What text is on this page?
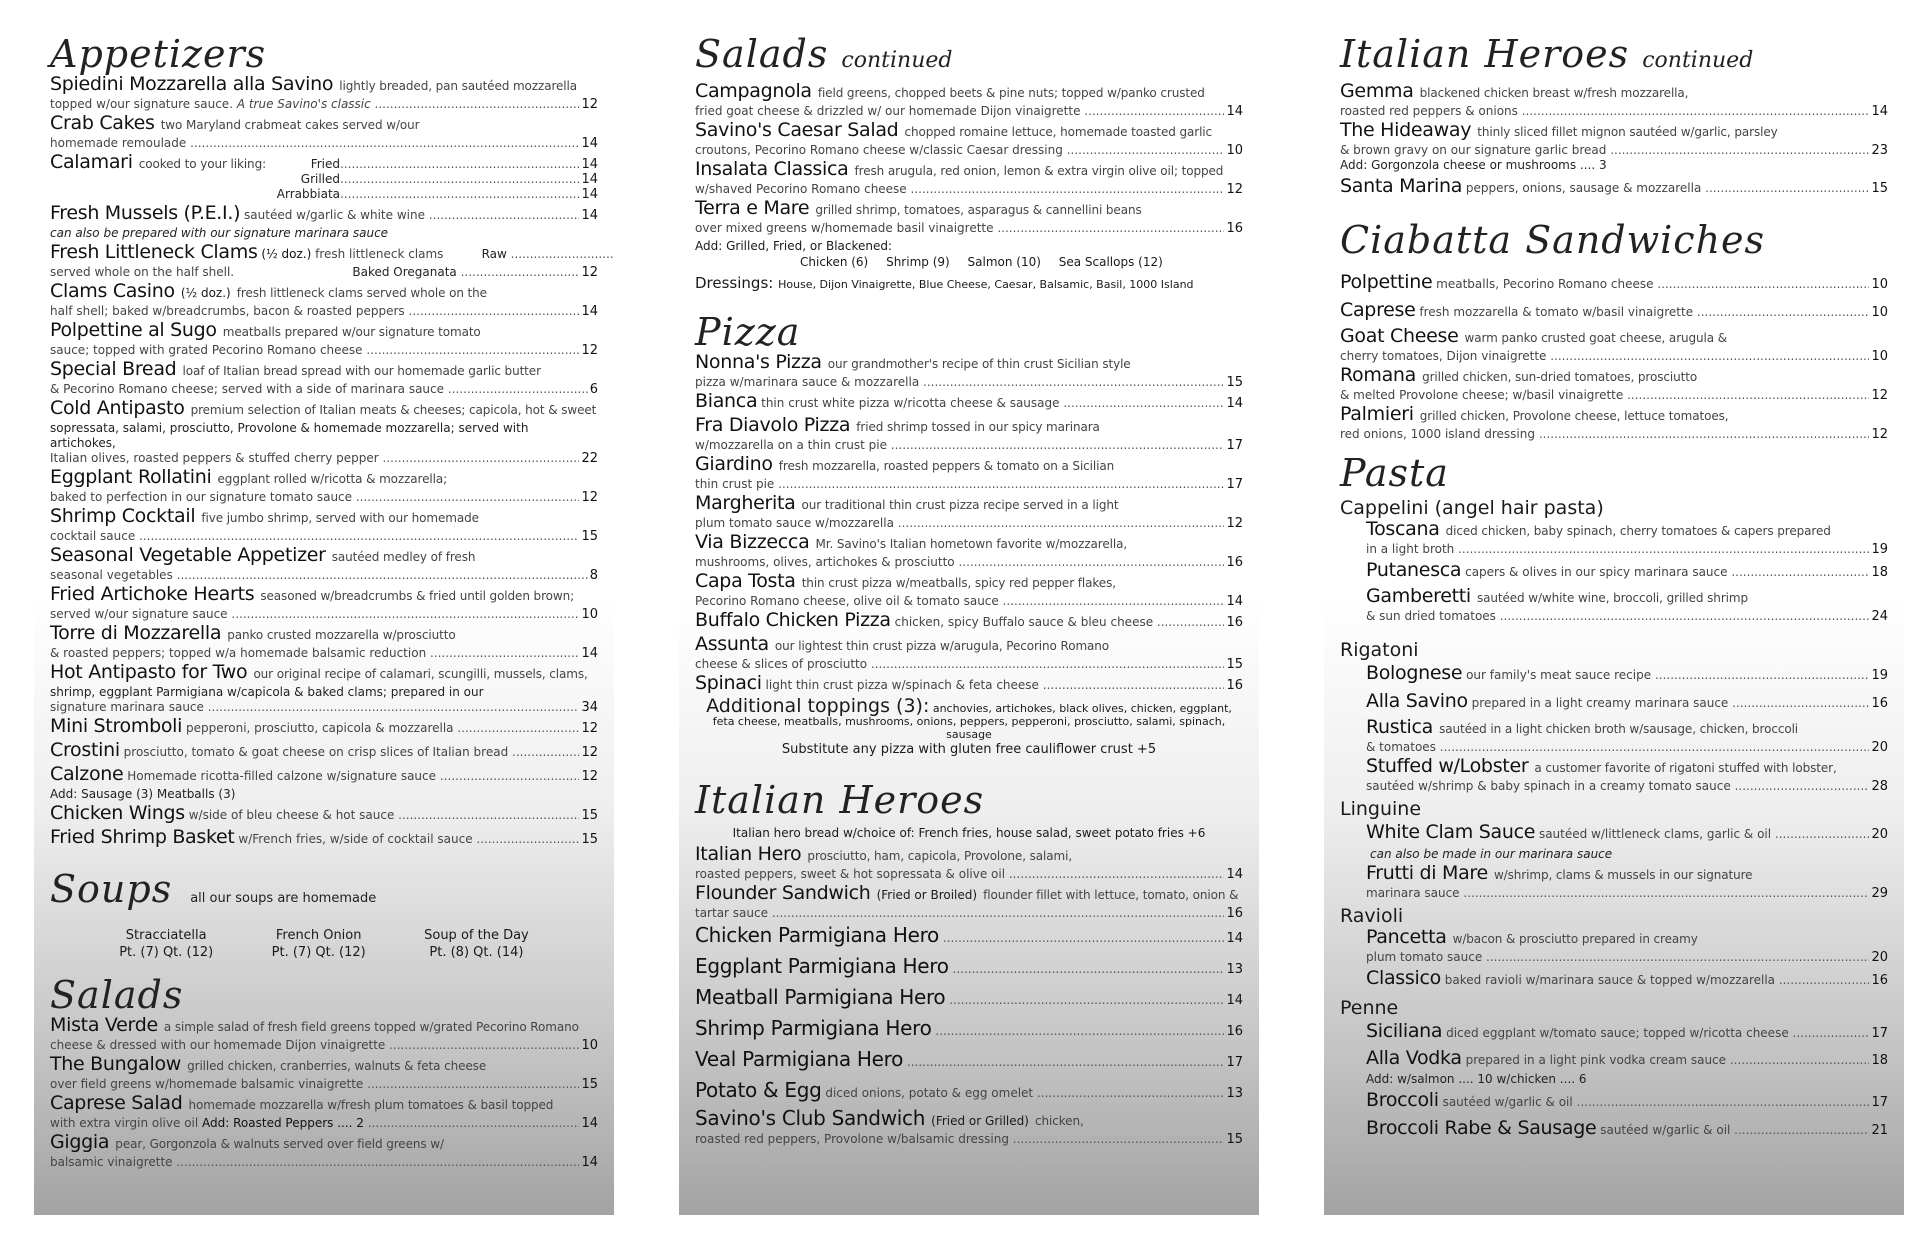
Appetizers
Spiedini Mozzarella alla Savino lightly breaded, pan sautéed mozzarella
topped w/our signature sauce. A true Savino's classic .....	12
Crab Cakes two Maryland crabmeat cakes served w/our
homemade remoulade .....	14
Calamari cooked to your liking:	Fried .....	14
Grilled .....	14
Arrabbiata .....	14
Fresh Mussels (P.E.I.) sautéed w/garlic & white wine .....	14
can also be prepared with our signature marinara sauce
Fresh Littleneck Clams (½ doz.) fresh littleneck clams	Raw .....
served whole on the half shell.	Baked Oreganata .....	12
Clams Casino (½ doz.) fresh littleneck clams served whole on the
half shell; baked w/breadcrumbs, bacon & roasted peppers .....	14
Polpettine al Sugo meatballs prepared w/our signature tomato
sauce; topped with grated Pecorino Romano cheese .....	12
Special Bread loaf of Italian bread spread with our homemade garlic butter
& Pecorino Romano cheese; served with a side of marinara sauce .....	6
Cold Antipasto premium selection of Italian meats & cheeses; capicola, hot & sweet
sopressata, salami, prosciutto, Provolone & homemade mozzarella; served with artichokes,
Italian olives, roasted peppers & stuffed cherry pepper .....	22
Eggplant Rollatini eggplant rolled w/ricotta & mozzarella;
baked to perfection in our signature tomato sauce .....	12
Shrimp Cocktail five jumbo shrimp, served with our homemade
cocktail sauce .....	15
Seasonal Vegetable Appetizer sautéed medley of fresh
seasonal vegetables .....	8
Fried Artichoke Hearts seasoned w/breadcrumbs & fried until golden brown;
served w/our signature sauce .....	10
Torre di Mozzarella panko crusted mozzarella w/prosciutto
& roasted peppers; topped w/a homemade balsamic reduction .....	14
Hot Antipasto for Two our original recipe of calamari, scungilli, mussels, clams,
shrimp, eggplant Parmigiana w/capicola & baked clams; prepared in our
signature marinara sauce .....	34
Mini Stromboli pepperoni, prosciutto, capicola & mozzarella .....	12
Crostini prosciutto, tomato & goat cheese on crisp slices of Italian bread .....	12
Calzone Homemade ricotta-filled calzone w/signature sauce .....	12
Add: Sausage (3) Meatballs (3)
Chicken Wings w/side of bleu cheese & hot sauce .....	15
Fried Shrimp Basket w/French fries, w/side of cocktail sauce .....	15
Soups all our soups are homemade
Stracciatella
Pt. (7) Qt. (12)
French Onion
Pt. (7) Qt. (12)
Soup of the Day
Pt. (8) Qt. (14)
Salads
Mista Verde a simple salad of fresh field greens topped w/grated Pecorino Romano
cheese & dressed with our homemade Dijon vinaigrette .....	10
The Bungalow grilled chicken, cranberries, walnuts & feta cheese
over field greens w/homemade balsamic vinaigrette .....	15
Caprese Salad homemade mozzarella w/fresh plum tomatoes & basil topped
with extra virgin olive oil Add: Roasted Peppers .... 2 .....	14
Giggia pear, Gorgonzola & walnuts served over field greens w/
balsamic vinaigrette .....	14
Salads continued
Campagnola field greens, chopped beets & pine nuts; topped w/panko crusted
fried goat cheese & drizzled w/ our homemade Dijon vinaigrette .....	14
Savino's Caesar Salad chopped romaine lettuce, homemade toasted garlic
croutons, Pecorino Romano cheese w/classic Caesar dressing .....	10
Insalata Classica fresh arugula, red onion, lemon & extra virgin olive oil; topped
w/shaved Pecorino Romano cheese .....	12
Terra e Mare grilled shrimp, tomatoes, asparagus & cannellini beans
over mixed greens w/homemade basil vinaigrette .....	16
Add: Grilled, Fried, or Blackened:
Chicken (6) Shrimp (9) Salmon (10) Sea Scallops (12)
Dressings: House, Dijon Vinaigrette, Blue Cheese, Caesar, Balsamic, Basil, 1000 Island
Pizza
Nonna's Pizza our grandmother's recipe of thin crust Sicilian style
pizza w/marinara sauce & mozzarella .....	15
Bianca thin crust white pizza w/ricotta cheese & sausage .....	14
Fra Diavolo Pizza fried shrimp tossed in our spicy marinara
w/mozzarella on a thin crust pie .....	17
Giardino fresh mozzarella, roasted peppers & tomato on a Sicilian
thin crust pie .....	17
Margherita our traditional thin crust pizza recipe served in a light
plum tomato sauce w/mozzarella .....	12
Via Bizzecca Mr. Savino's Italian hometown favorite w/mozzarella,
mushrooms, olives, artichokes & prosciutto .....	16
Capa Tosta thin crust pizza w/meatballs, spicy red pepper flakes,
Pecorino Romano cheese, olive oil & tomato sauce .....	14
Buffalo Chicken Pizza chicken, spicy Buffalo sauce & bleu cheese .....	16
Assunta our lightest thin crust pizza w/arugula, Pecorino Romano
cheese & slices of prosciutto .....	15
Spinaci light thin crust pizza w/spinach & feta cheese .....	16
Additional toppings (3): anchovies, artichokes, black olives, chicken, eggplant,
feta cheese, meatballs, mushrooms, onions, peppers, pepperoni, prosciutto, salami, spinach, sausage
Substitute any pizza with gluten free cauliflower crust +5
Italian Heroes
Italian hero bread w/choice of: French fries, house salad, sweet potato fries +6
Italian Hero prosciutto, ham, capicola, Provolone, salami,
roasted peppers, sweet & hot sopressata & olive oil .....	14
Flounder Sandwich (Fried or Broiled) flounder fillet with lettuce, tomato, onion &
tartar sauce .....	16
Chicken Parmigiana Hero .....	14
Eggplant Parmigiana Hero .....	13
Meatball Parmigiana Hero .....	14
Shrimp Parmigiana Hero .....	16
Veal Parmigiana Hero .....	17
Potato & Egg diced onions, potato & egg omelet .....	13
Savino's Club Sandwich (Fried or Grilled) chicken,
roasted red peppers, Provolone w/balsamic dressing .....	15
Italian Heroes continued
Gemma blackened chicken breast w/fresh mozzarella,
roasted red peppers & onions .....	14
The Hideaway thinly sliced fillet mignon sautéed w/garlic, parsley
& brown gravy on our signature garlic bread .....	23
Add: Gorgonzola cheese or mushrooms .... 3
Santa Marina peppers, onions, sausage & mozzarella .....	15
Ciabatta Sandwiches
Polpettine meatballs, Pecorino Romano cheese .....	10
Caprese fresh mozzarella & tomato w/basil vinaigrette .....	10
Goat Cheese warm panko crusted goat cheese, arugula &
cherry tomatoes, Dijon vinaigrette .....	10
Romana grilled chicken, sun-dried tomatoes, prosciutto
& melted Provolone cheese; w/basil vinaigrette .....	12
Palmieri grilled chicken, Provolone cheese, lettuce tomatoes,
red onions, 1000 island dressing .....	12
Pasta
Cappelini (angel hair pasta)
Toscana diced chicken, baby spinach, cherry tomatoes & capers prepared
in a light broth .....	19
Putanesca capers & olives in our spicy marinara sauce .....	18
Gamberetti sautéed w/white wine, broccoli, grilled shrimp
& sun dried tomatoes .....	24
Rigatoni
Bolognese our family's meat sauce recipe .....	19
Alla Savino prepared in a light creamy marinara sauce .....	16
Rustica sautéed in a light chicken broth w/sausage, chicken, broccoli
& tomatoes .....	20
Stuffed w/Lobster a customer favorite of rigatoni stuffed with lobster,
sautéed w/shrimp & baby spinach in a creamy tomato sauce .....	28
Linguine
White Clam Sauce sautéed w/littleneck clams, garlic & oil .....	20
can also be made in our marinara sauce
Frutti di Mare w/shrimp, clams & mussels in our signature
marinara sauce .....	29
Ravioli
Pancetta w/bacon & prosciutto prepared in creamy
plum tomato sauce .....	20
Classico baked ravioli w/marinara sauce & topped w/mozzarella .....	16
Penne
Siciliana diced eggplant w/tomato sauce; topped w/ricotta cheese .....	17
Alla Vodka prepared in a light pink vodka cream sauce .....	18
Add: w/salmon .... 10 w/chicken .... 6
Broccoli sautéed w/garlic & oil .....	17
Broccoli Rabe & Sausage sautéed w/garlic & oil .....	21
